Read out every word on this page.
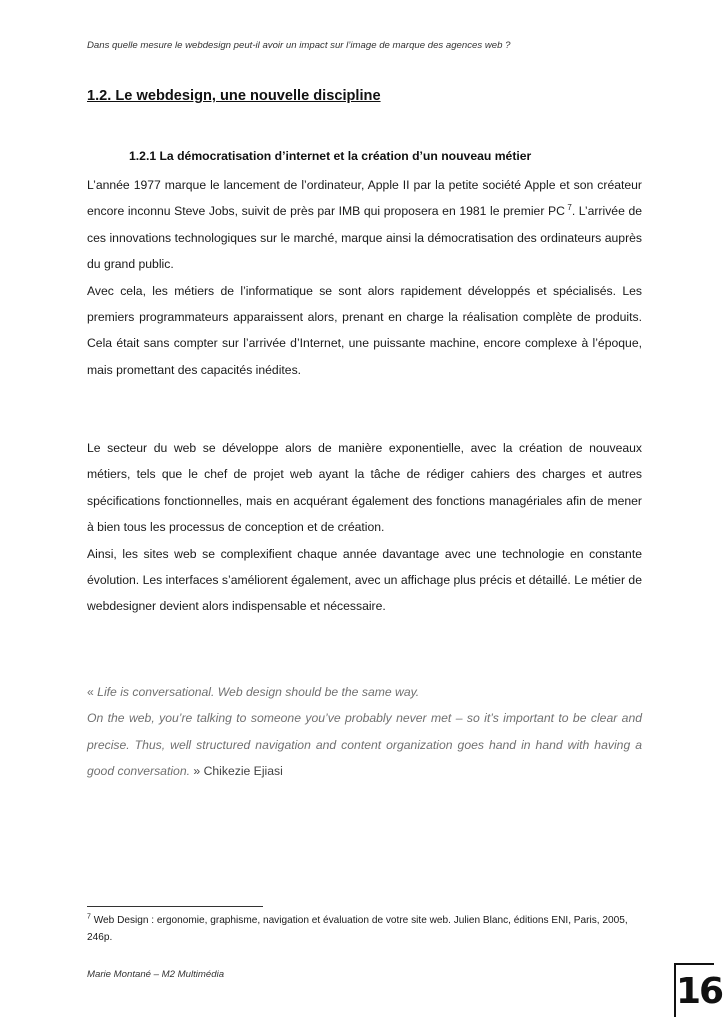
Dans quelle mesure le webdesign peut-il avoir un impact sur l’image de marque des agences web ?
1.2. Le webdesign, une nouvelle discipline
1.2.1 La démocratisation d’internet et la création d’un nouveau métier

L’année 1977 marque le lancement de l’ordinateur, Apple II par la petite société Apple et son créateur encore inconnu Steve Jobs, suivit de près par IMB qui proposera en 1981 le premier PC $^7$. L’arrivée de ces innovations technologiques sur le marché, marque ainsi la démocratisation des ordinateurs auprès du grand public.

Avec cela, les métiers de l’informatique se sont alors rapidement développés et spécialisés. Les premiers programmateurs apparaissent alors, prenant en charge la réalisation complète de produits. Cela était sans compter sur l’arrivée d’Internet, une puissante machine, encore complexe à l’époque, mais promettant des capacités inédites.

Le secteur du web se développe alors de manière exponentielle, avec la création de nouveaux métiers, tels que le chef de projet web ayant la tâche de rédiger cahiers des charges et autres spécifications fonctionnelles, mais en acquérant également des fonctions managériales afin de mener à bien tous les processus de conception et de création.

Ainsi, les sites web se complexifient chaque année davantage avec une technologie en constante évolution. Les interfaces s’améliorent également, avec un affichage plus précis et détaillé. Le métier de webdesigner devient alors indispensable et nécessaire.

« Life is conversational. Web design should be the same way.
On the web, you’re talking to someone you’ve probably never met – so it’s important to be clear and precise. Thus, well structured navigation and content organization goes hand in hand with having a good conversation. » Chikezie Ejiasi
$^7$ Web Design : ergonomie, graphisme, navigation et évaluation de votre site web. Julien Blanc, éditions ENI, Paris, 2005, 246p.
Marie Montané – M2 Multimédia	16
